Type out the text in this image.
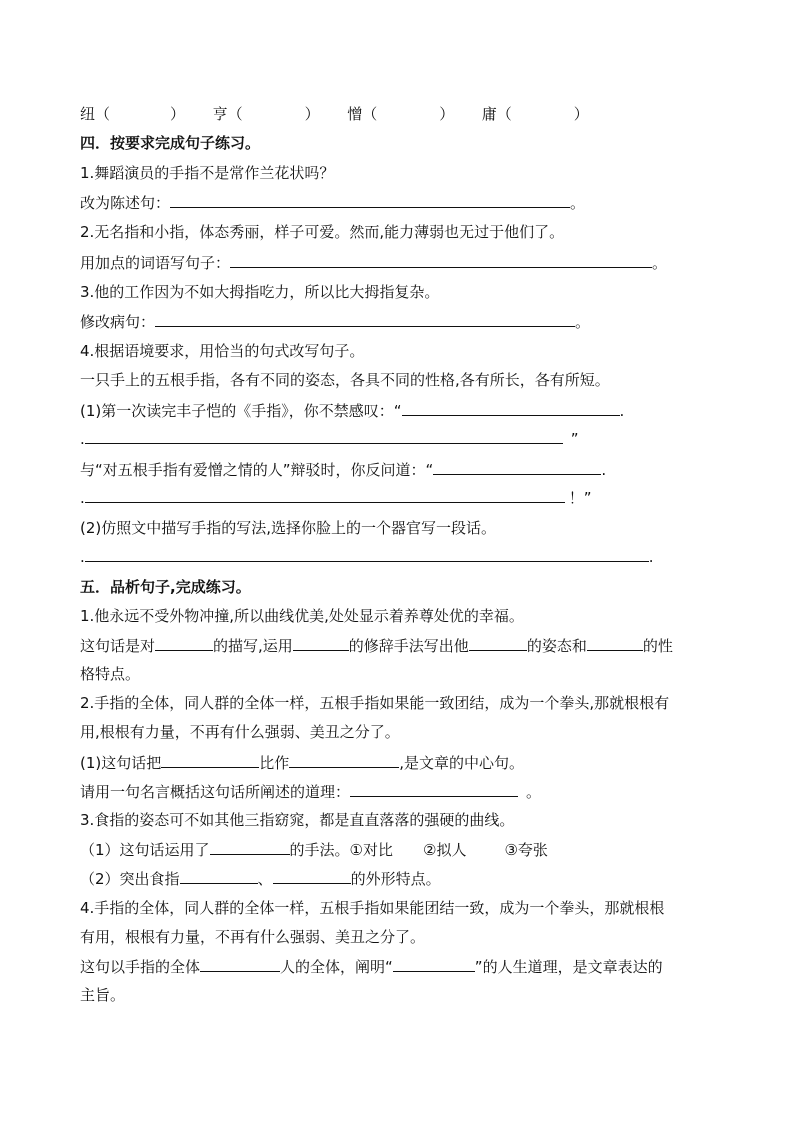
纽（	） 亨（	） 憎（	） 庸（	）
四．按要求完成句子练习。
1.舞蹈演员的手指不是常作兰花状吗？
改为陈述句：	。
2.无名指和小指，体态秀丽，样子可爱。然而,能力薄弱也无过于他们了。
用加点的词语写句子：	。
3.他的工作因为不如大拇指吃力，所以比大拇指复杂。
修改病句：	。
4.根据语境要求，用恰当的句式改写句子。
一只手上的五根手指，各有不同的姿态，各具不同的性格,各有所长，各有所短。
(1)第一次读完丰子恺的《手指》，你不禁感叹：“	.
.	”
与“对五根手指有爱憎之情的人”辩驳时，你反问道：“	.
.	！”
(2)仿照文中描写手指的写法,选择你脸上的一个器官写一段话。
.	.
五．品析句子,完成练习。
1.他永远不受外物冲撞,所以曲线优美,处处显示着养尊处优的幸福。
这句话是对	的描写,运用	的修辞手法写出他	的姿态和	的性
格特点。
2.手指的全体，同人群的全体一样，五根手指如果能一致团结，成为一个拳头,那就根根有
用,根根有力量，不再有什么强弱、美丑之分了。
(1)这句话把	比作	,是文章的中心句。
请用一句名言概括这句话所阐述的道理：	。
3.食指的姿态可不如其他三指窈窕，都是直直落落的强硬的曲线。
（1）这句话运用了	的手法。①对比 ②拟人	③夸张
（2）突出食指	、	的外形特点。
4.手指的全体，同人群的全体一样，五根手指如果能团结一致，成为一个拳头，那就根根
有用，根根有力量，不再有什么强弱、美丑之分了。
这句以手指的全体	人的全体，阐明“	”的人生道理，是文章表达的
主旨。
